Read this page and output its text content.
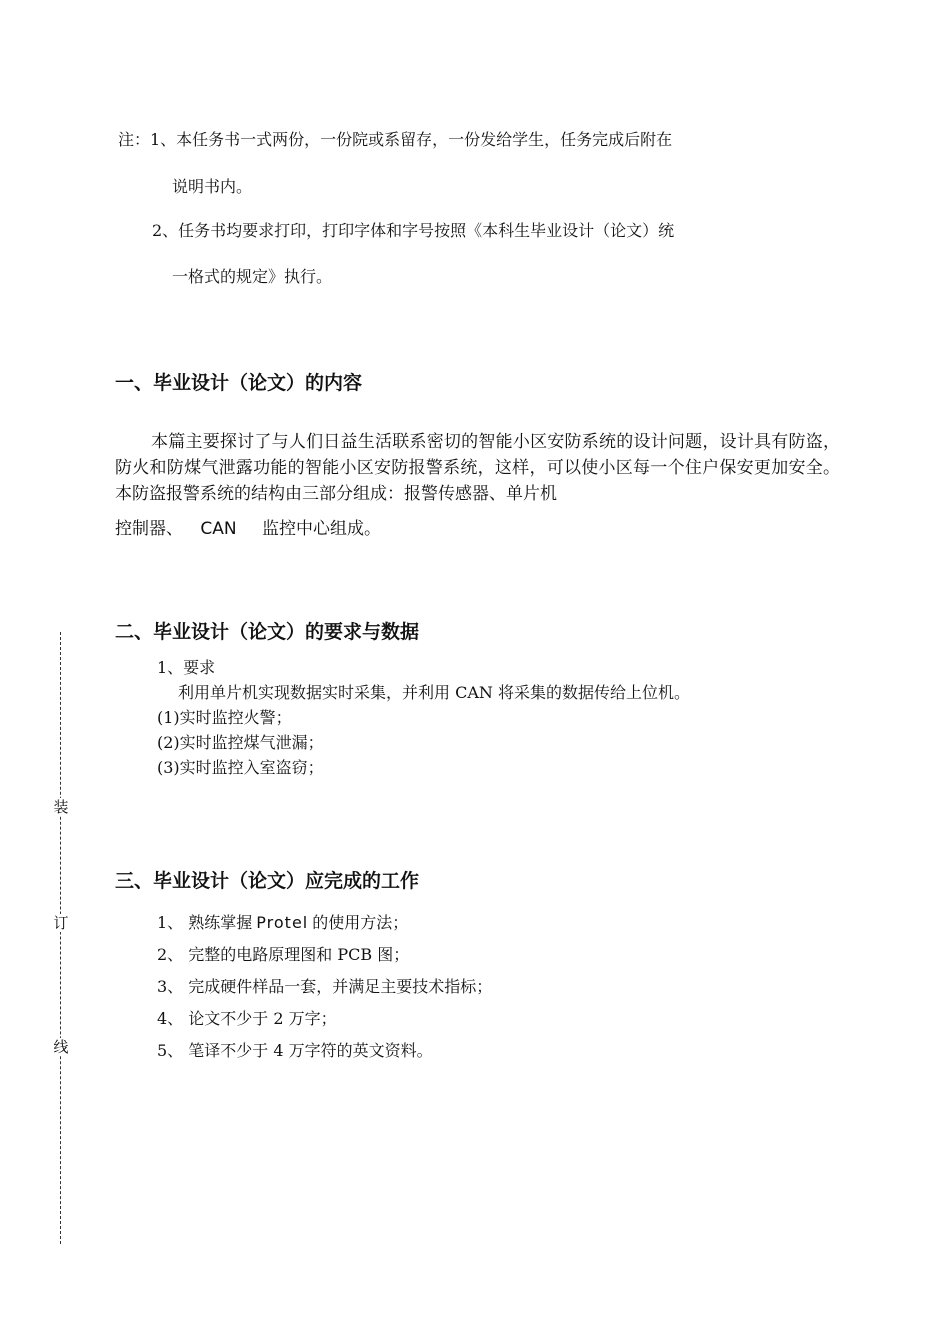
注：1、本任务书一式两份，一份院或系留存，一份发给学生，任务完成后附在
说明书内。
2、任务书均要求打印，打印字体和字号按照《本科生毕业设计（论文）统
一格式的规定》执行。
一、毕业设计（论文）的内容
本篇主要探讨了与人们日益生活联系密切的智能小区安防系统的设计问题，设计具有防盗，防火和防煤气泄露功能的智能小区安防报警系统，这样，可以使小区每一个住户保安更加安全。本防盗报警系统的结构由三部分组成：报警传感器、单片机
控制器、 CAN 监控中心组成。
二、毕业设计（论文）的要求与数据
1、要求
利用单片机实现数据实时采集，并利用 CAN 将采集的数据传给上位机。
(1)实时监控火警；
(2)实时监控煤气泄漏；
(3)实时监控入室盗窃；
三、毕业设计（论文）应完成的工作
1、 熟练掌握 Protel 的使用方法；
2、 完整的电路原理图和 PCB 图；
3、 完成硬件样品一套，并满足主要技术指标；
4、 论文不少于 2 万字；
5、 笔译不少于 4 万字符的英文资料。
装
订
线
